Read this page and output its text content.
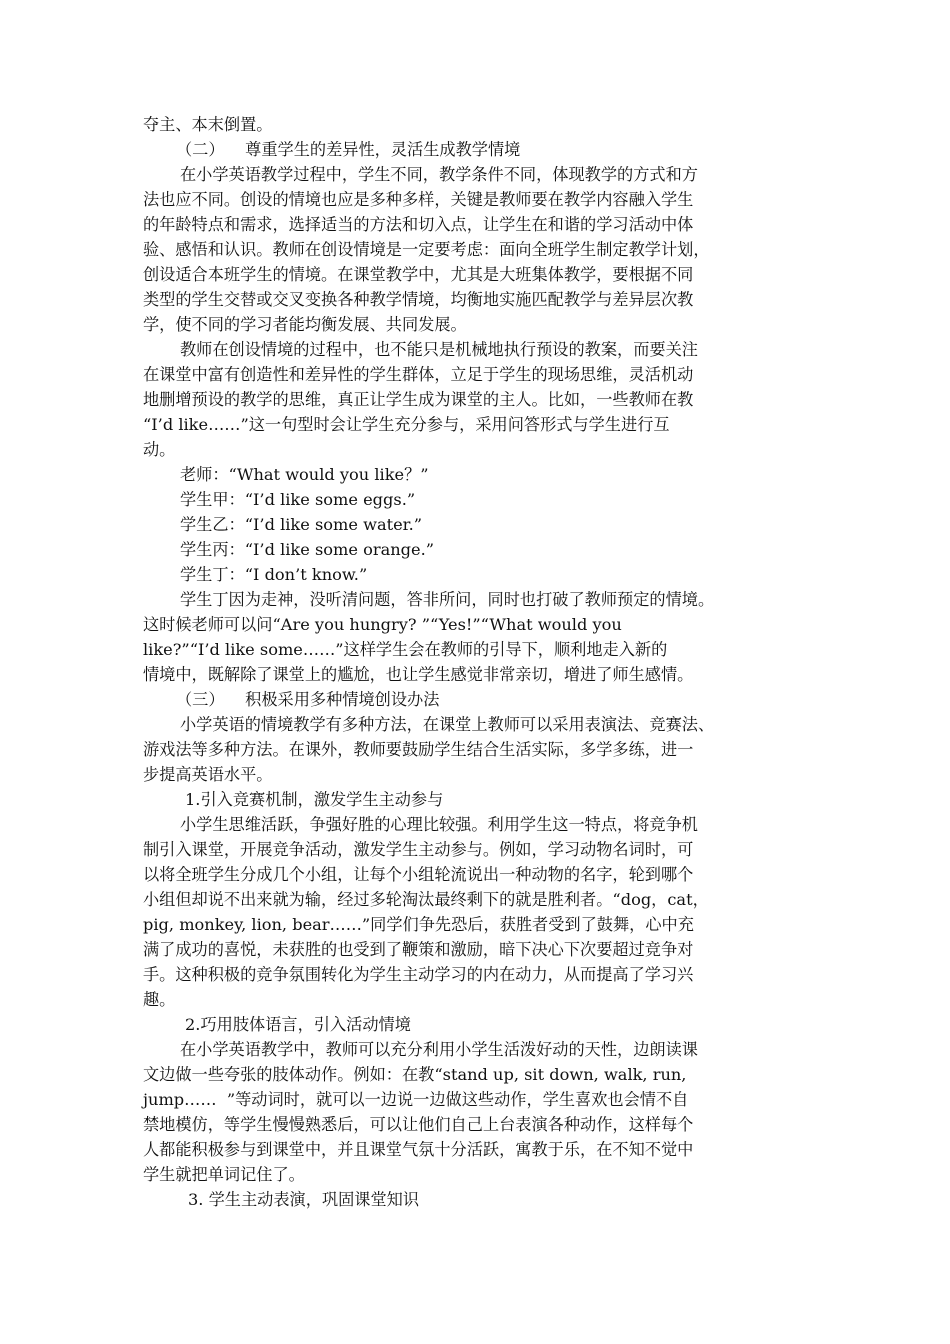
夺主、本末倒置。
（二）    尊重学生的差异性，灵活生成教学情境
在小学英语教学过程中，学生不同，教学条件不同，体现教学的方式和方
法也应不同。创设的情境也应是多种多样，关键是教师要在教学内容融入学生
的年龄特点和需求，选择适当的方法和切入点，让学生在和谐的学习活动中体
验、感悟和认识。教师在创设情境是一定要考虑：面向全班学生制定教学计划，
创设适合本班学生的情境。在课堂教学中，尤其是大班集体教学，要根据不同
类型的学生交替或交叉变换各种教学情境，均衡地实施匹配教学与差异层次教
学，使不同的学习者能均衡发展、共同发展。
教师在创设情境的过程中，也不能只是机械地执行预设的教案，而要关注
在课堂中富有创造性和差异性的学生群体，立足于学生的现场思维，灵活机动
地删增预设的教学的思维，真正让学生成为课堂的主人。比如，一些教师在教
“I’d like……”这一句型时会让学生充分参与，采用问答形式与学生进行互
动。
老师：“What would you like？”
学生甲：“I’d like some eggs.”
学生乙：“I’d like some water.”
学生丙：“I’d like some orange.”
学生丁：“I don’t know.”
学生丁因为走神，没听清问题，答非所问，同时也打破了教师预定的情境。
这时候老师可以问“Are you hungry? ”“Yes!”“What would you
like?”“I’d like some……”这样学生会在教师的引导下，顺利地走入新的
情境中，既解除了课堂上的尴尬，也让学生感觉非常亲切，增进了师生感情。
（三）    积极采用多种情境创设办法
小学英语的情境教学有多种方法，在课堂上教师可以采用表演法、竞赛法、
游戏法等多种方法。在课外，教师要鼓励学生结合生活实际，多学多练，进一
步提高英语水平。
1.引入竞赛机制，激发学生主动参与
小学生思维活跃，争强好胜的心理比较强。利用学生这一特点，将竞争机
制引入课堂，开展竞争活动，激发学生主动参与。例如，学习动物名词时，可
以将全班学生分成几个小组，让每个小组轮流说出一种动物的名字，轮到哪个
小组但却说不出来就为输，经过多轮淘汰最终剩下的就是胜利者。“dog，cat，
pig, monkey, lion, bear……”同学们争先恐后，获胜者受到了鼓舞，心中充
满了成功的喜悦，未获胜的也受到了鞭策和激励，暗下决心下次要超过竞争对
手。这种积极的竞争氛围转化为学生主动学习的内在动力，从而提高了学习兴
趣。
2.巧用肢体语言，引入活动情境
在小学英语教学中，教师可以充分利用小学生活泼好动的天性，边朗读课
文边做一些夸张的肢体动作。例如：在教“stand up, sit down, walk, run,
jump……  ”等动词时，就可以一边说一边做这些动作，学生喜欢也会情不自
禁地模仿，等学生慢慢熟悉后，可以让他们自己上台表演各种动作，这样每个
人都能积极参与到课堂中，并且课堂气氛十分活跃，寓教于乐，在不知不觉中
学生就把单词记住了。
3. 学生主动表演，巩固课堂知识
